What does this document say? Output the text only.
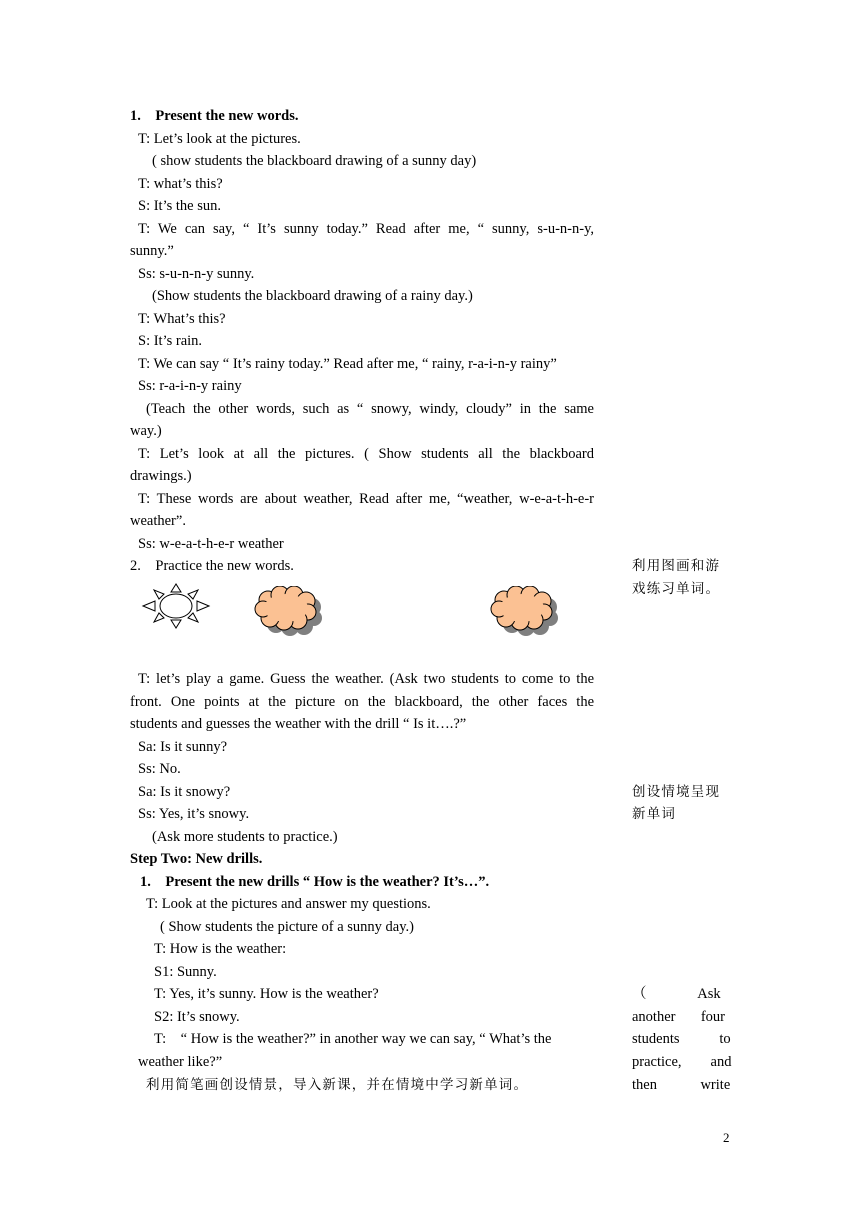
1.    Present the new words.
T: Let’s look at the pictures.
( show students the blackboard drawing of a sunny day)
T: what’s this?
S: It’s the sun.
T: We can say, “ It’s sunny today.” Read after me, “ sunny, s-u-n-n-y,
sunny.”
Ss: s-u-n-n-y sunny.
(Show students the blackboard drawing of a rainy day.)
T: What’s this?
S: It’s rain.
T: We can say “ It’s rainy today.” Read after me, “ rainy, r-a-i-n-y rainy”
Ss: r-a-i-n-y rainy
(Teach the other words, such as “ snowy, windy, cloudy” in the same
way.)
T: Let’s look at all the pictures. ( Show students all the blackboard
drawings.)
T: These words are about weather, Read after me, “weather, w-e-a-t-h-e-r
weather”.
Ss: w-e-a-t-h-e-r weather
2.    Practice the new words.
T: let’s play a game. Guess the weather. (Ask two students to come to the
front. One points at the picture on the blackboard, the other faces the
students and guesses the weather with the drill “ Is it….?”
Sa: Is it sunny?
Ss: No.
Sa: Is it snowy?
Ss: Yes, it’s snowy.
(Ask more students to practice.)
Step Two: New drills.
1.    Present the new drills “ How is the weather? It’s…”.
T: Look at the pictures and answer my questions.
( Show students the picture of a sunny day.)
T: How is the weather:
S1: Sunny.
T: Yes, it’s sunny. How is the weather?
S2: It’s snowy.
T:    “ How is the weather?” in another way we can say, “ What’s the
weather like?”
利用简笔画创设情景，导入新课，并在情境中学习新单词。
利用图画和游
戏练习单词。
创设情境呈现
新单词
（              Ask
another       four
students           to
practice,        and
then            write
2
